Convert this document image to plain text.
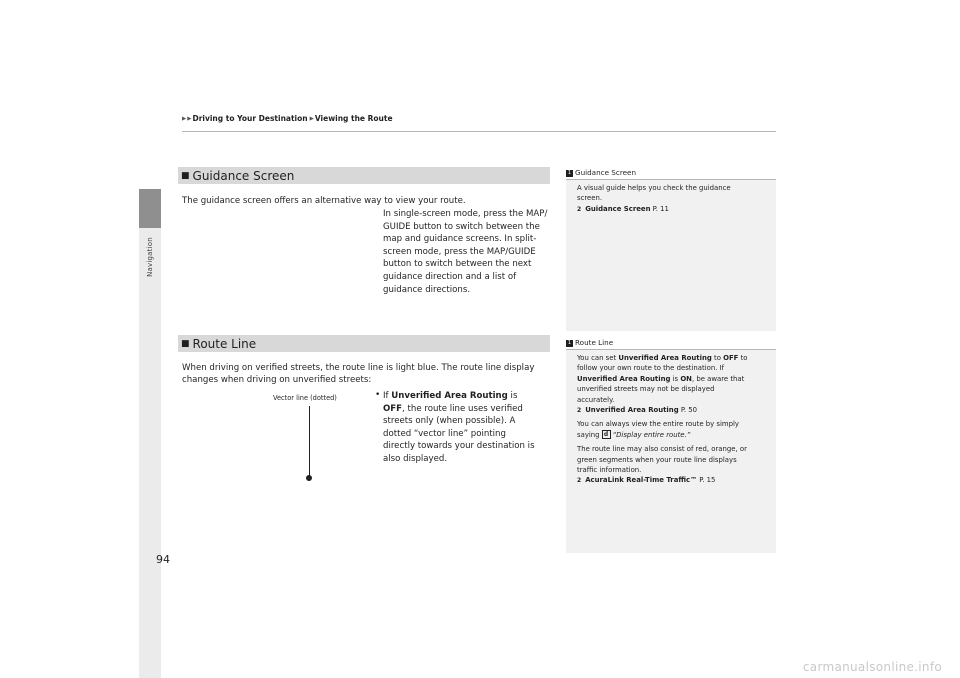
Navigation
▶ ▶ Driving to Your Destination ▶ Viewing the Route
■ Guidance Screen
The guidance screen offers an alternative way to view your route.
In single-screen mode, press the MAP/
GUIDE button to switch between the
map and guidance screens. In split-
screen mode, press the MAP/GUIDE
button to switch between the next
guidance direction and a list of
guidance directions.
■ Route Line
When driving on verified streets, the route line is light blue. The route line display
changes when driving on unverified streets:
Vector line (dotted)	• If Unverified Area Routing is
OFF, the route line uses verified
streets only (when possible). A
dotted “vector line” pointing
directly towards your destination is
also displayed.
1 Guidance Screen

A visual guide helps you check the guidance
screen.
2 Guidance Screen P. 11

1 Route Line

You can set Unverified Area Routing to OFF to
follow your own route to the destination. If
Unverified Area Routing is ON, be aware that
unverified streets may not be displayed
accurately.
2 Unverified Area Routing P. 50

You can always view the entire route by simply
saying d “Display entire route.”

The route line may also consist of red, orange, or
green segments when your route line displays
traffic information.
2 AcuraLink Real-Time Traffic™ P. 15

94
carmanualsonline.info
